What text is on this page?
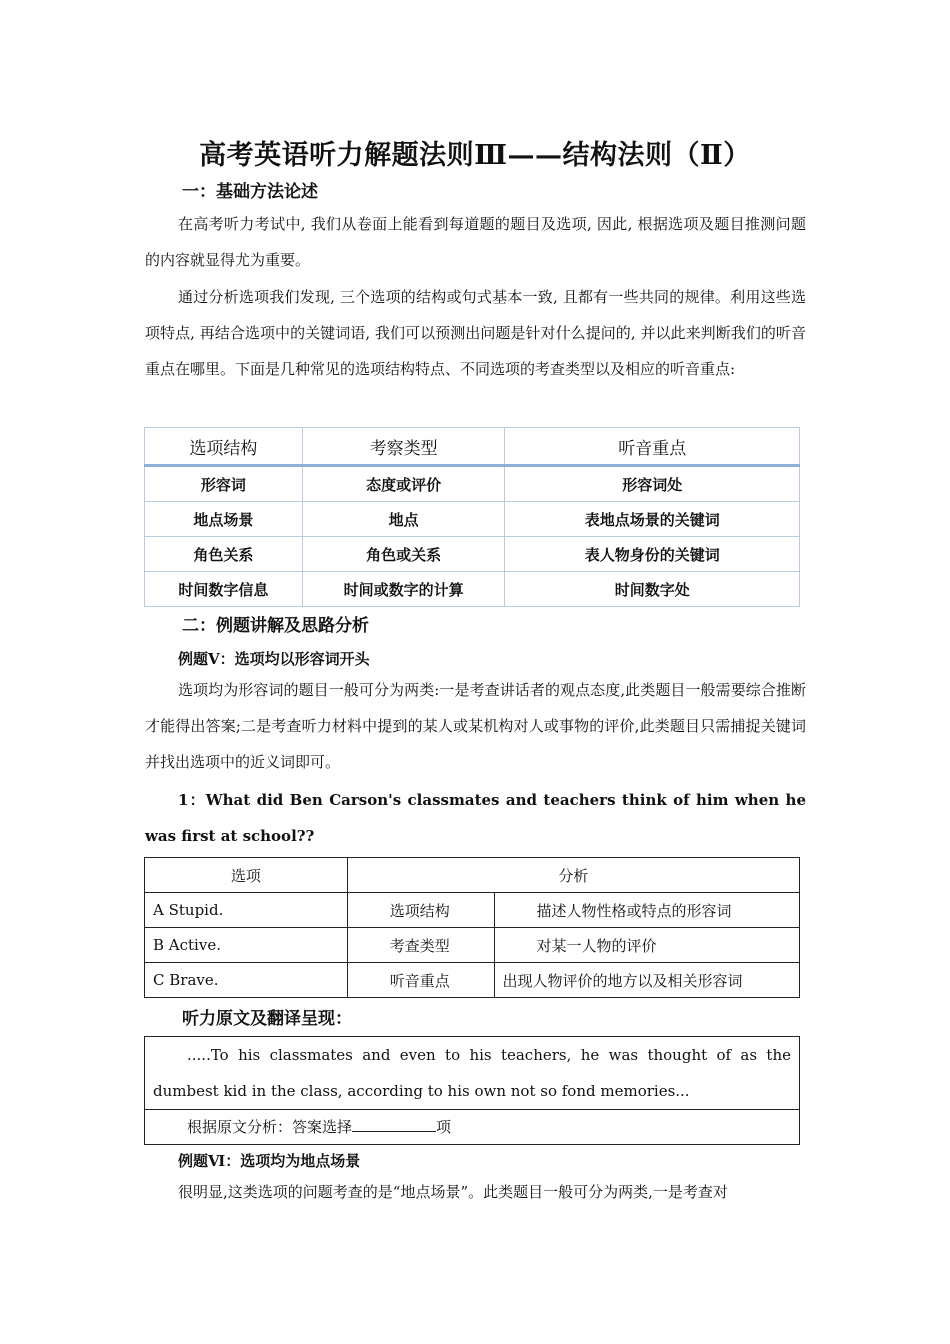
高考英语听力解题法则Ⅲ——结构法则（Ⅱ）
一：基础方法论述

在高考听力考试中, 我们从卷面上能看到每道题的题目及选项, 因此, 根据选项及题目推测问题的内容就显得尤为重要。

通过分析选项我们发现, 三个选项的结构或句式基本一致, 且都有一些共同的规律。利用这些选项特点, 再结合选项中的关键词语, 我们可以预测出问题是针对什么提问的, 并以此来判断我们的听音重点在哪里。下面是几种常见的选项结构特点、不同选项的考查类型以及相应的听音重点:

选项结构	考察类型	听音重点
形容词	态度或评价	形容词处
地点场景	地点	表地点场景的关键词
角色关系	角色或关系	表人物身份的关键词
时间数字信息	时间或数字的计算	时间数字处
二：例题讲解及思路分析
例题Ⅴ：选项均以形容词开头

选项均为形容词的题目一般可分为两类:一是考查讲话者的观点态度,此类题目一般需要综合推断才能得出答案;二是考查听力材料中提到的某人或某机构对人或事物的评价,此类题目只需捕捉关键词并找出选项中的近义词即可。

1：What did Ben Carson's classmates and teachers think of him when he was first at school??

选项	分析	
A Stupid.	选项结构	描述人物性格或特点的形容词
B Active.	考查类型	对某一人物的评价
C Brave.	听音重点	出现人物评价的地方以及相关形容词
听力原文及翻译呈现：
.....To his classmates and even to his teachers, he was thought of as the dumbest kid in the class, according to his own not so fond memories...
根据原文分析：答案选择	项
例题Ⅵ：选项均为地点场景

很明显,这类选项的问题考查的是“地点场景”。此类题目一般可分为两类,一是考查对
